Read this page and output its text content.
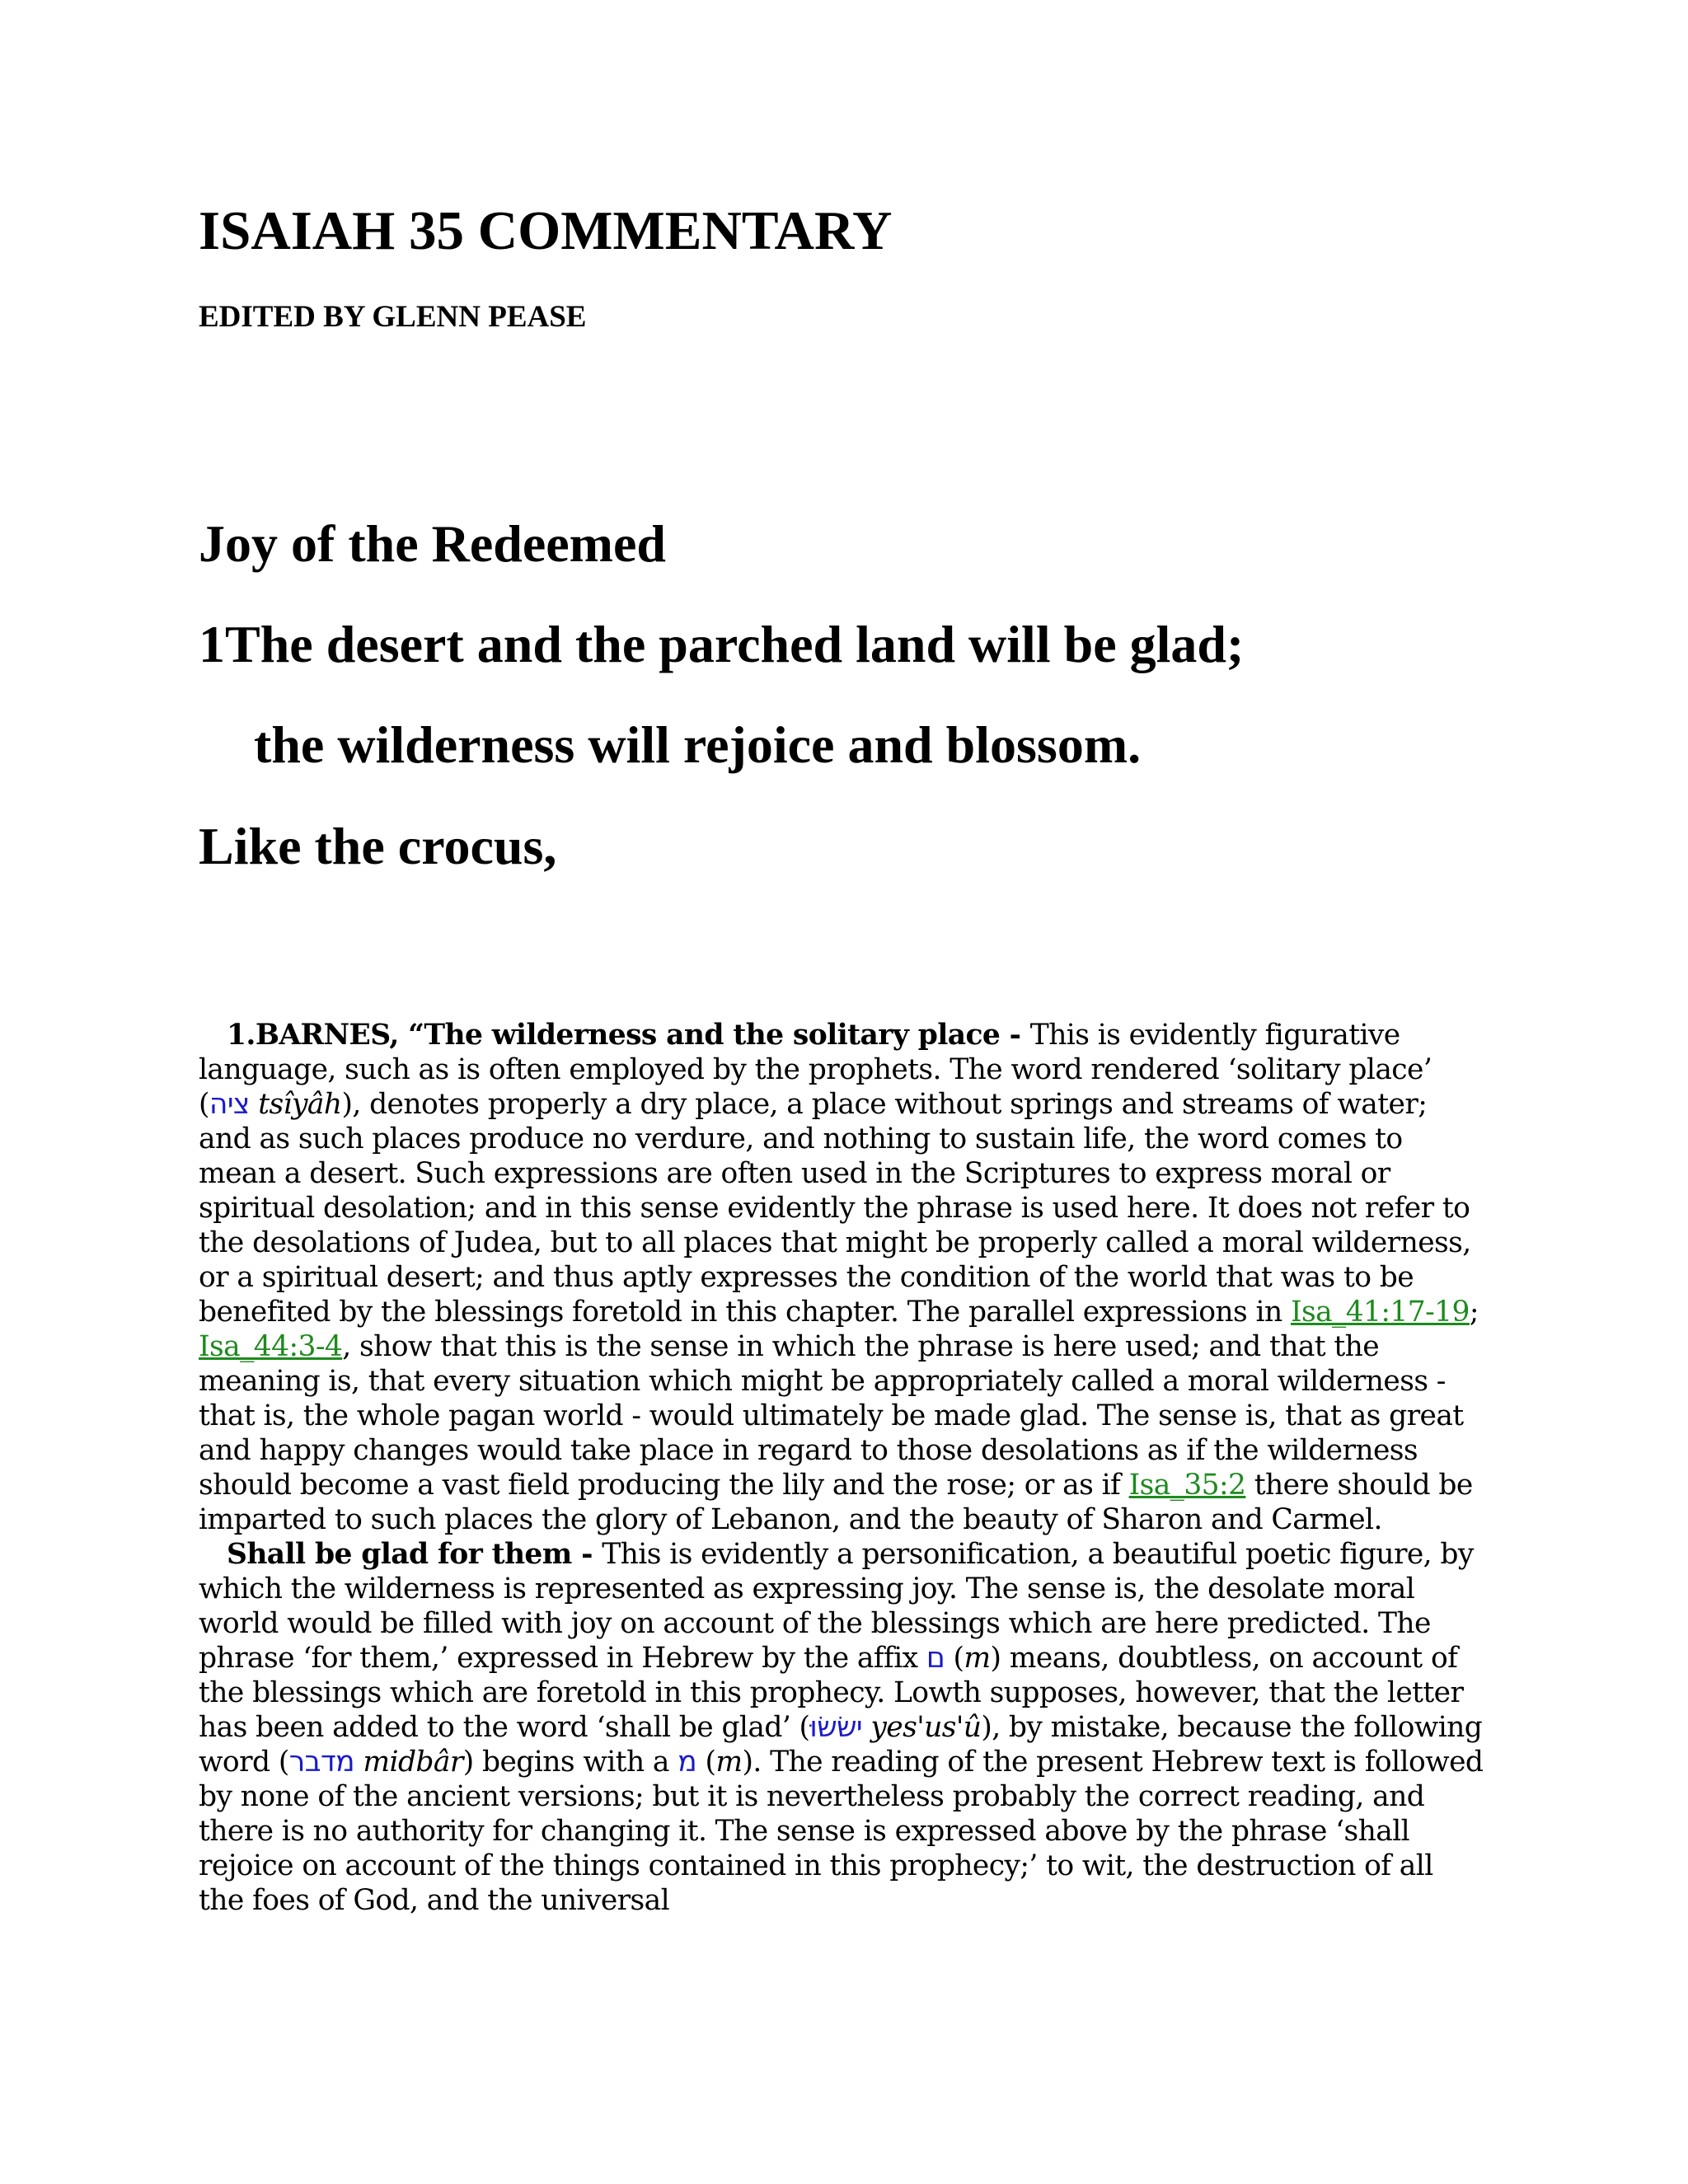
ISAIAH 35 COMMENTARY
EDITED BY GLENN PEASE
Joy of the Redeemed
1The desert and the parched land will be glad;
the wilderness will rejoice and blossom.
Like the crocus,

1.BARNES, “The wilderness and the solitary place - This is evidently figurative language, such as is often employed by the prophets. The word rendered ‘solitary place’ (ציה tsı̂yâh), denotes properly a dry place, a place without springs and streams of water; and as such places produce no verdure, and nothing to sustain life, the word comes to mean a desert. Such expressions are often used in the Scriptures to express moral or spiritual desolation; and in this sense evidently the phrase is used here. It does not refer to the desolations of Judea, but to all places that might be properly called a moral wilderness, or a spiritual desert; and thus aptly expresses the condition of the world that was to be benefited by the blessings foretold in this chapter. The parallel expressions in Isa_41:17-19; Isa_44:3-4, show that this is the sense in which the phrase is here used; and that the meaning is, that every situation which might be appropriately called a moral wilderness - that is, the whole pagan world - would ultimately be made glad. The sense is, that as great and happy changes would take place in regard to those desolations as if the wilderness should become a vast field producing the lily and the rose; or as if Isa_35:2 there should be imparted to such places the glory of Lebanon, and the beauty of Sharon and Carmel.

Shall be glad for them - This is evidently a personification, a beautiful poetic figure, by which the wilderness is represented as expressing joy. The sense is, the desolate moral world would be filled with joy on account of the blessings which are here predicted. The phrase ‘for them,’ expressed in Hebrew by the affix ם (m) means, doubtless, on account of the blessings which are foretold in this prophecy. Lowth supposes, however, that the letter has been added to the word ‘shall be glad’ (ישׂשׂוּ yes'us'û), by mistake, because the following word (מדבר midbâr) begins with a מ (m). The reading of the present Hebrew text is followed by none of the ancient versions; but it is nevertheless probably the correct reading, and there is no authority for changing it. The sense is expressed above by the phrase ‘shall rejoice on account of the things contained in this prophecy;’ to wit, the destruction of all the foes of God, and the universal
